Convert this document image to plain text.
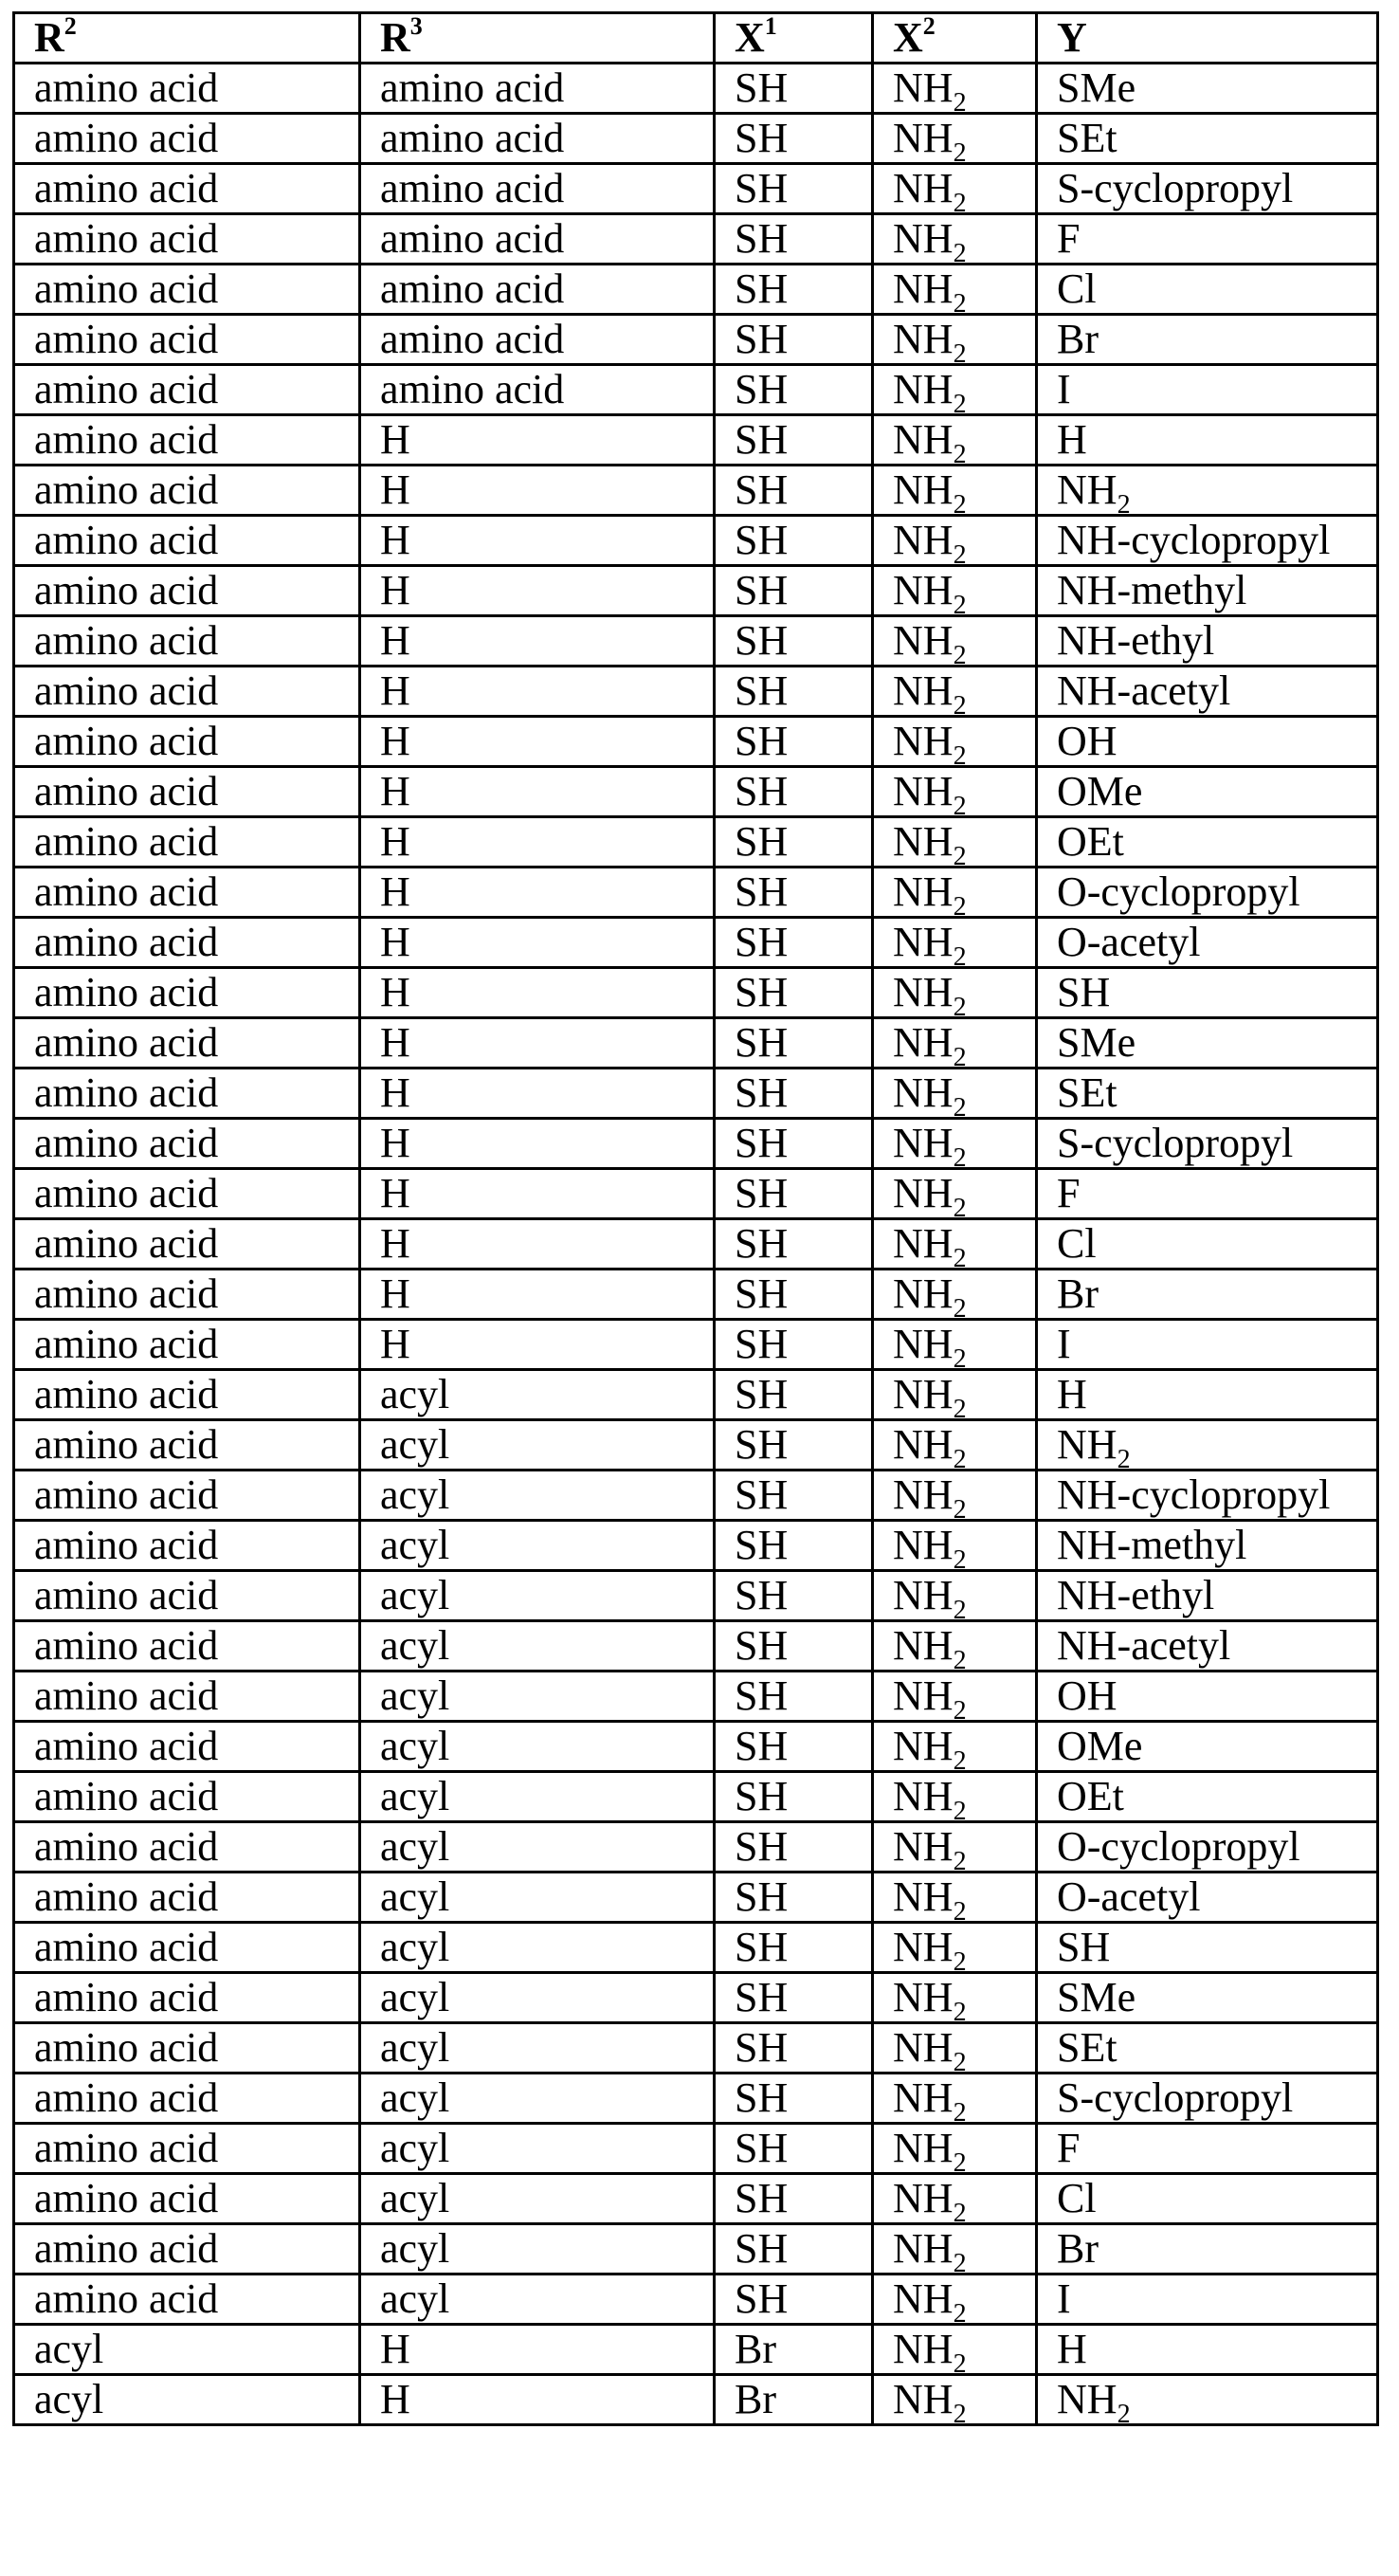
R2	R3	X1	X2	Y
amino acid	amino acid	SH	NH2	SMe
amino acid	amino acid	SH	NH2	SEt
amino acid	amino acid	SH	NH2	S-cyclopropyl
amino acid	amino acid	SH	NH2	F
amino acid	amino acid	SH	NH2	Cl
amino acid	amino acid	SH	NH2	Br
amino acid	amino acid	SH	NH2	I
amino acid	H	SH	NH2	H
amino acid	H	SH	NH2	NH2
amino acid	H	SH	NH2	NH-cyclopropyl
amino acid	H	SH	NH2	NH-methyl
amino acid	H	SH	NH2	NH-ethyl
amino acid	H	SH	NH2	NH-acetyl
amino acid	H	SH	NH2	OH
amino acid	H	SH	NH2	OMe
amino acid	H	SH	NH2	OEt
amino acid	H	SH	NH2	O-cyclopropyl
amino acid	H	SH	NH2	O-acetyl
amino acid	H	SH	NH2	SH
amino acid	H	SH	NH2	SMe
amino acid	H	SH	NH2	SEt
amino acid	H	SH	NH2	S-cyclopropyl
amino acid	H	SH	NH2	F
amino acid	H	SH	NH2	Cl
amino acid	H	SH	NH2	Br
amino acid	H	SH	NH2	I
amino acid	acyl	SH	NH2	H
amino acid	acyl	SH	NH2	NH2
amino acid	acyl	SH	NH2	NH-cyclopropyl
amino acid	acyl	SH	NH2	NH-methyl
amino acid	acyl	SH	NH2	NH-ethyl
amino acid	acyl	SH	NH2	NH-acetyl
amino acid	acyl	SH	NH2	OH
amino acid	acyl	SH	NH2	OMe
amino acid	acyl	SH	NH2	OEt
amino acid	acyl	SH	NH2	O-cyclopropyl
amino acid	acyl	SH	NH2	O-acetyl
amino acid	acyl	SH	NH2	SH
amino acid	acyl	SH	NH2	SMe
amino acid	acyl	SH	NH2	SEt
amino acid	acyl	SH	NH2	S-cyclopropyl
amino acid	acyl	SH	NH2	F
amino acid	acyl	SH	NH2	Cl
amino acid	acyl	SH	NH2	Br
amino acid	acyl	SH	NH2	I
acyl	H	Br	NH2	H
acyl	H	Br	NH2	NH2
